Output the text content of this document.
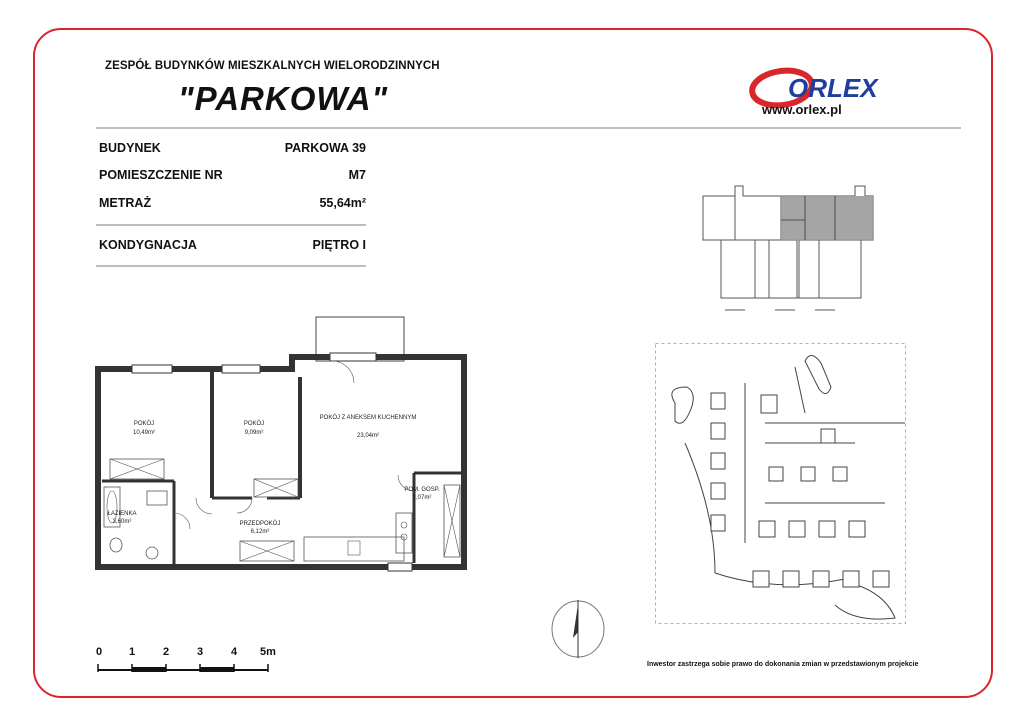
ZESPÓŁ BUDYNKÓW MIESZKALNYCH WIELORODZINNYCH
"PARKOWA"	ORLEX
www.orlex.pl
BUDYNEK	PARKOWA 39
POMIESZCZENIE NR	M7
METRAŻ	55,64m²
KONDYGNACJA	PIĘTRO I
POKÓJ
10,49m²
POKÓJ
9,09m²
POKÓJ Z ANEKSEM KUCHENNYM
23,04m²
POM. GOSP.
3,07m²
ŁAZIENKA
3,60m²	PRZEDPOKÓJ
6,12m²
0 1	2	3	4 5m
Inwestor zastrzega sobie prawo do dokonania zmian w przedstawionym projekcie
